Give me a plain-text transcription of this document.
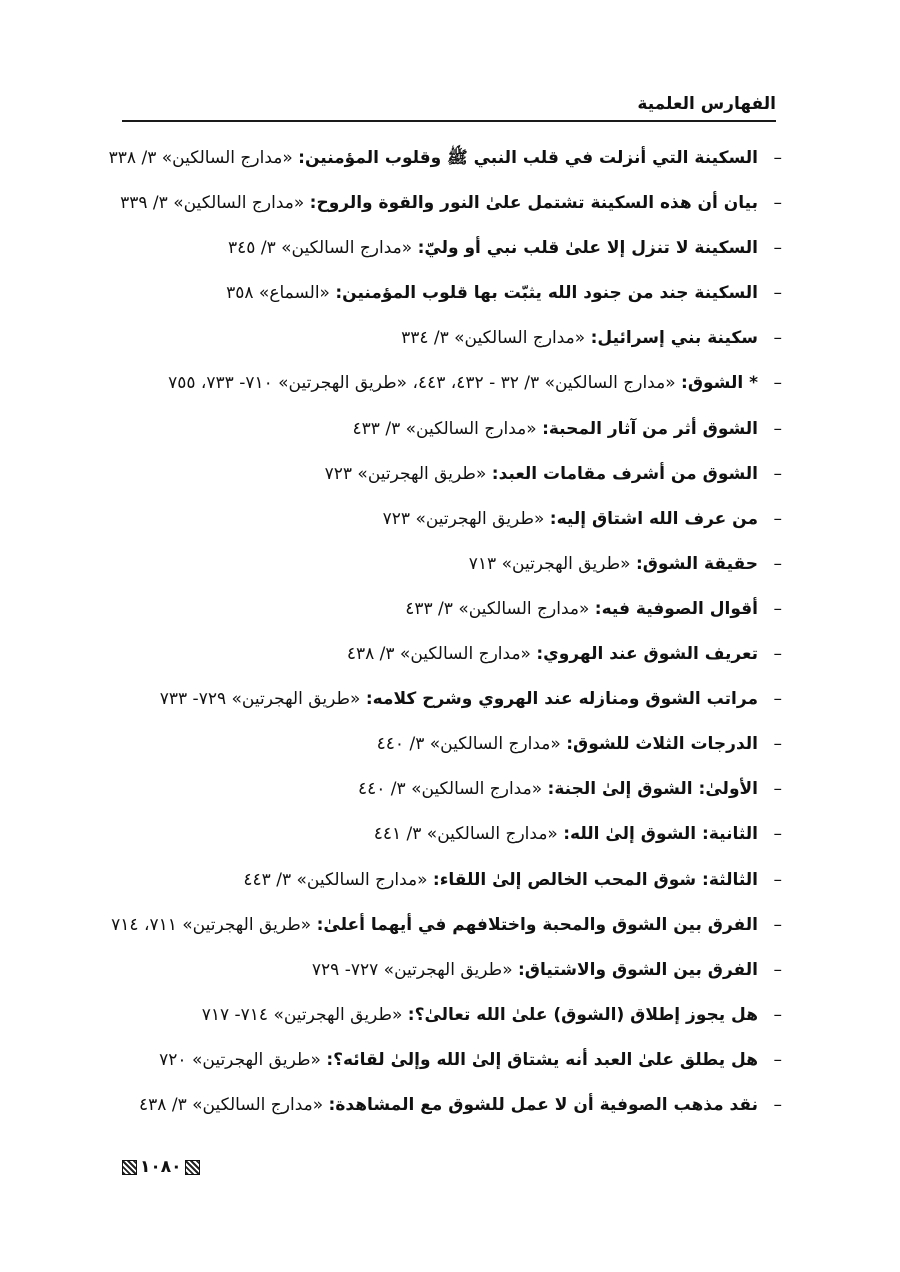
الفهارس العلمية
–
السكينة التي أنزلت في قلب النبي ﷺ وقلوب المؤمنين: «مدارج السالكين» ٣/ ٣٣٨
–
بيان أن هذه السكينة تشتمل علىٰ النور والقوة والروح: «مدارج السالكين» ٣/ ٣٣٩
–
السكينة لا تنزل إلا علىٰ قلب نبي أو وليّ: «مدارج السالكين» ٣/ ٣٤٥
–
السكينة جند من جنود الله يثبّت بها قلوب المؤمنين: «السماع» ٣٥٨
–
سكينة بني إسرائيل: «مدارج السالكين» ٣/ ٣٣٤
–
* الشوق: «مدارج السالكين» ٣/ ٣٢ - ٤٣٢، ٤٤٣، «طريق الهجرتين» ٧١٠- ٧٣٣، ٧٥٥
–
الشوق أثر من آثار المحبة: «مدارج السالكين» ٣/ ٤٣٣
–
الشوق من أشرف مقامات العبد: «طريق الهجرتين» ٧٢٣
–
من عرف الله اشتاق إليه: «طريق الهجرتين» ٧٢٣
–
حقيقة الشوق: «طريق الهجرتين» ٧١٣
–
أقوال الصوفية فيه: «مدارج السالكين» ٣/ ٤٣٣
–
تعريف الشوق عند الهروي: «مدارج السالكين» ٣/ ٤٣٨
–
مراتب الشوق ومنازله عند الهروي وشرح كلامه: «طريق الهجرتين» ٧٢٩- ٧٣٣
–
الدرجات الثلاث للشوق: «مدارج السالكين» ٣/ ٤٤٠
–
الأولىٰ: الشوق إلىٰ الجنة: «مدارج السالكين» ٣/ ٤٤٠
–
الثانية: الشوق إلىٰ الله: «مدارج السالكين» ٣/ ٤٤١
–
الثالثة: شوق المحب الخالص إلىٰ اللقاء: «مدارج السالكين» ٣/ ٤٤٣
–
الفرق بين الشوق والمحبة واختلافهم في أيهما أعلىٰ: «طريق الهجرتين» ٧١١، ٧١٤
–
الفرق بين الشوق والاشتياق: «طريق الهجرتين» ٧٢٧- ٧٢٩
–
هل يجوز إطلاق (الشوق) علىٰ الله تعالىٰ؟: «طريق الهجرتين» ٧١٤- ٧١٧
–
هل يطلق علىٰ العبد أنه يشتاق إلىٰ الله وإلىٰ لقائه؟: «طريق الهجرتين» ٧٢٠
–
نقد مذهب الصوفية أن لا عمل للشوق مع المشاهدة: «مدارج السالكين» ٣/ ٤٣٨
١٠٨٠
